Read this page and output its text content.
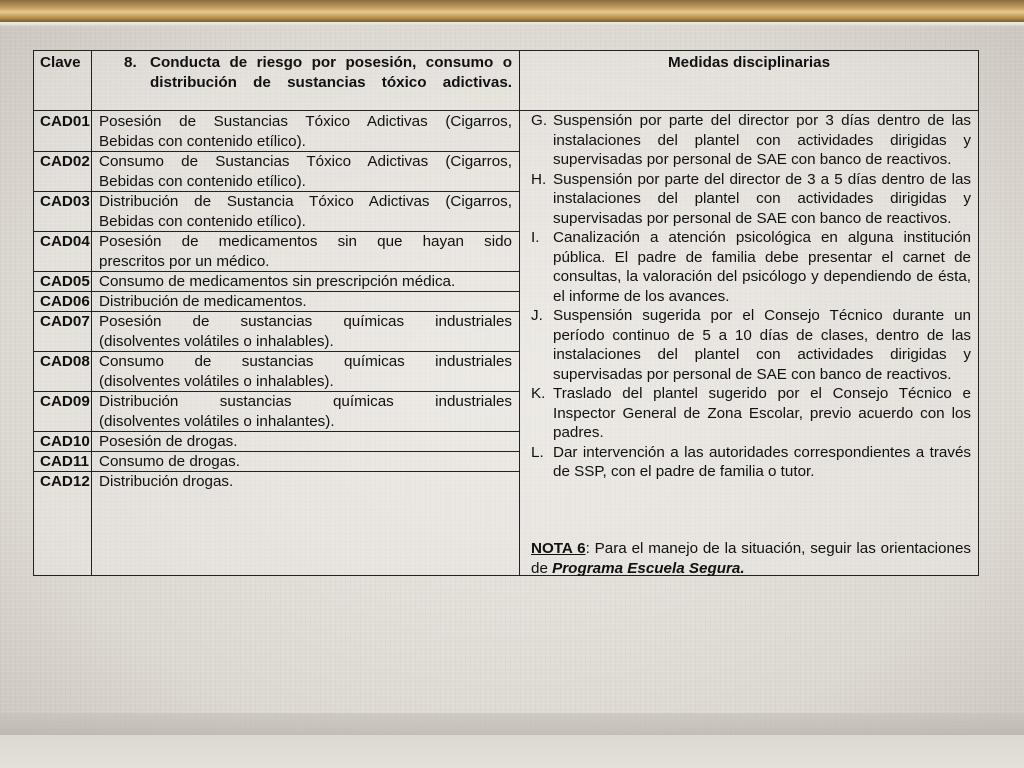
Clave	8. Conducta de riesgo por posesión, consumo o distribución de sustancias tóxico adictivas.
Medidas disciplinarias
CAD01 Posesión de Sustancias Tóxico Adictivas (Cigarros,
Bebidas con contenido etílico).
CAD02 Consumo de Sustancias Tóxico Adictivas (Cigarros,
Bebidas con contenido etílico).
CAD03 Distribución de Sustancia Tóxico Adictivas (Cigarros,
Bebidas con contenido etílico).
CAD04 Posesión de medicamentos sin que hayan sido
prescritos por un médico.
CAD05 Consumo de medicamentos sin prescripción médica.
CAD06 Distribución de medicamentos.
CAD07 Posesión de sustancias químicas industriales
(disolventes volátiles o inhalables).
CAD08 Consumo de sustancias químicas industriales
(disolventes volátiles o inhalables).
CAD09 Distribución sustancias químicas industriales
(disolventes volátiles o inhalantes).
CAD10 Posesión de drogas.
CAD11 Consumo de drogas.
CAD12 Distribución drogas.
G. Suspensión por parte del director por 3 días dentro de las instalaciones del plantel con actividades dirigidas y supervisadas por personal de SAE con banco de reactivos.
H. Suspensión por parte del director de 3 a 5 días dentro de las instalaciones del plantel con actividades dirigidas y supervisadas por personal de SAE con banco de reactivos.
I. Canalización a atención psicológica en alguna institución pública. El padre de familia debe presentar el carnet de consultas, la valoración del psicólogo y dependiendo de ésta, el informe de los avances.
J. Suspensión sugerida por el Consejo Técnico durante un período continuo de 5 a 10 días de clases, dentro de las instalaciones del plantel con actividades dirigidas y supervisadas por personal de SAE con banco de reactivos.
K. Traslado del plantel sugerido por el Consejo Técnico e Inspector General de Zona Escolar, previo acuerdo con los padres.
L. Dar intervención a las autoridades correspondientes a través de SSP, con el padre de familia o tutor.
NOTA 6: Para el manejo de la situación, seguir las orientaciones de Programa Escuela Segura.
